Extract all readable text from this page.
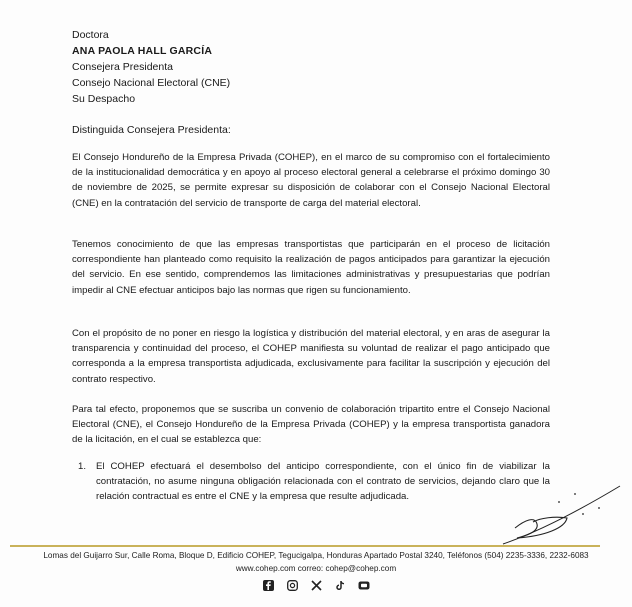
Doctora
ANA PAOLA HALL GARCÍA
Consejera Presidenta
Consejo Nacional Electoral (CNE)
Su Despacho
Distinguida Consejera Presidenta:

El Consejo Hondureño de la Empresa Privada (COHEP), en el marco de su compromiso con el fortalecimiento de la institucionalidad democrática y en apoyo al proceso electoral general a celebrarse el próximo domingo 30 de noviembre de 2025, se permite expresar su disposición de colaborar con el Consejo Nacional Electoral (CNE) en la contratación del servicio de transporte de carga del material electoral.

Tenemos conocimiento de que las empresas transportistas que participarán en el proceso de licitación correspondiente han planteado como requisito la realización de pagos anticipados para garantizar la ejecución del servicio. En ese sentido, comprendemos las limitaciones administrativas y presupuestarias que podrían impedir al CNE efectuar anticipos bajo las normas que rigen su funcionamiento.

Con el propósito de no poner en riesgo la logística y distribución del material electoral, y en aras de asegurar la transparencia y continuidad del proceso, el COHEP manifiesta su voluntad de realizar el pago anticipado que corresponda a la empresa transportista adjudicada, exclusivamente para facilitar la suscripción y ejecución del contrato respectivo.

Para tal efecto, proponemos que se suscriba un convenio de colaboración tripartito entre el Consejo Nacional Electoral (CNE), el Consejo Hondureño de la Empresa Privada (COHEP) y la empresa transportista ganadora de la licitación, en el cual se establezca que:

1. El COHEP efectuará el desembolso del anticipo correspondiente, con el único fin de viabilizar la contratación, no asume ninguna obligación relacionada con el contrato de servicios, dejando claro que la relación contractual es entre el CNE y la empresa que resulte adjudicada.

Lomas del Guijarro Sur, Calle Roma, Bloque D, Edificio COHEP, Tegucigalpa, Honduras Apartado Postal 3240, Teléfonos (504) 2235-3336, 2232-6083
www.cohep.com correo: cohep@cohep.com
